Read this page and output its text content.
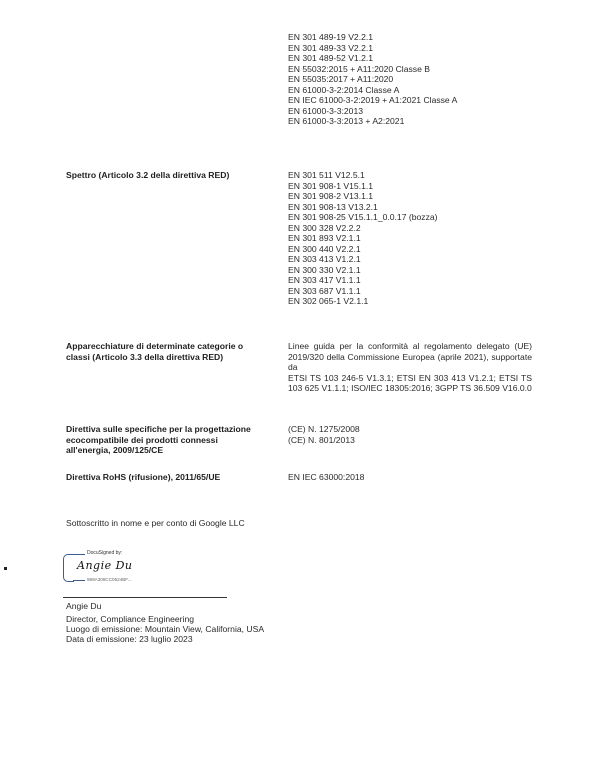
EN 301 489-19 V2.2.1
EN 301 489-33 V2.2.1
EN 301 489-52 V1.2.1
EN 55032:2015 + A11:2020 Classe B
EN 55035:2017 + A11:2020
EN 61000-3-2:2014 Classe A
EN IEC 61000-3-2:2019 + A1:2021 Classe A
EN 61000-3-3:2013
EN 61000-3-3:2013 + A2:2021
Spettro (Articolo 3.2 della direttiva RED)	EN 301 511 V12.5.1
EN 301 908-1 V15.1.1
EN 301 908-2 V13.1.1
EN 301 908-13 V13.2.1
EN 301 908-25 V15.1.1_0.0.17 (bozza)
EN 300 328 V2.2.2
EN 301 893 V2.1.1
EN 300 440 V2.2.1
EN 303 413 V1.2.1
EN 300 330 V2.1.1
EN 303 417 V1.1.1
EN 303 687 V1.1.1
EN 302 065-1 V2.1.1
Apparecchiature di determinate categorie o
classi (Articolo 3.3 della direttiva RED)
Linee guida per la conformità al regolamento delegato (UE) 2019/320 della Commissione Europea (aprile 2021), supportate da
ETSI TS 103 246-5 V1.3.1; ETSI EN 303 413 V1.2.1; ETSI TS 103 625 V1.1.1; ISO/IEC 18305:2016; 3GPP TS 36.509 V16.0.0
Direttiva sulle specifiche per la progettazione
ecocompatibile dei prodotti connessi
all'energia, 2009/125/CE
(CE) N. 1275/2008
(CE) N. 801/2013
Direttiva RoHS (rifusione), 2011/65/UE	EN IEC 63000:2018
Sottoscritto in nome e per conto di Google LLC
DocuSigned by:
Angie Du
989A308CC0524BF...
Angie Du
Director, Compliance Engineering
Luogo di emissione: Mountain View, California, USA
Data di emissione: 23 luglio 2023
